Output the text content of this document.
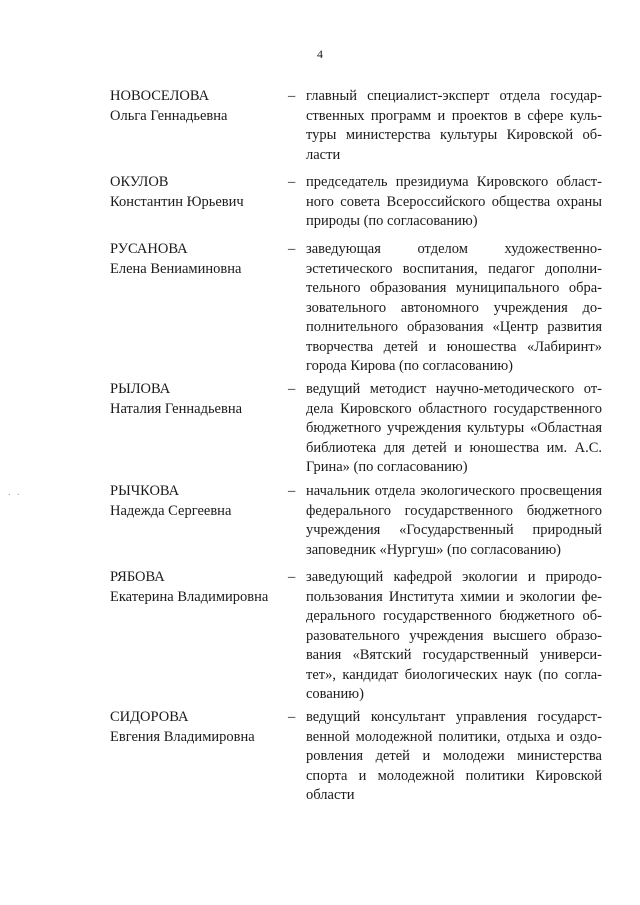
4
. .
НОВОСЕЛОВА
Ольга Геннадьевна
– главный специалист-эксперт отдела государственных программ и проектов в сфере культуры министерства культуры Кировской области
ОКУЛОВ
Константин Юрьевич
– председатель президиума Кировского областного совета Всероссийского общества охраны природы (по согласованию)
РУСАНОВА
Елена Вениаминовна
– заведующая отделом художественно-эстетического воспитания, педагог дополнительного образования муниципального образовательного автономного учреждения дополнительного образования «Центр развития творчества детей и юношества «Лабиринт» города Кирова (по согласованию)
РЫЛОВА
Наталия Геннадьевна
– ведущий методист научно-методического отдела Кировского областного государственного бюджетного учреждения культуры «Областная библиотека для детей и юношества им. А.С. Грина» (по согласованию)
РЫЧКОВА
Надежда Сергеевна
– начальник отдела экологического просвещения федерального государственного бюджетного учреждения «Государственный природный заповедник «Нургуш» (по согласованию)
РЯБОВА
Екатерина Владимировна
– заведующий кафедрой экологии и природопользования Института химии и экологии федерального государственного бюджетного образовательного учреждения высшего образования «Вятский государственный университет», кандидат биологических наук (по согласованию)
СИДОРОВА
Евгения Владимировна
– ведущий консультант управления государственной молодежной политики, отдыха и оздоровления детей и молодежи министерства спорта и молодежной политики Кировской области
